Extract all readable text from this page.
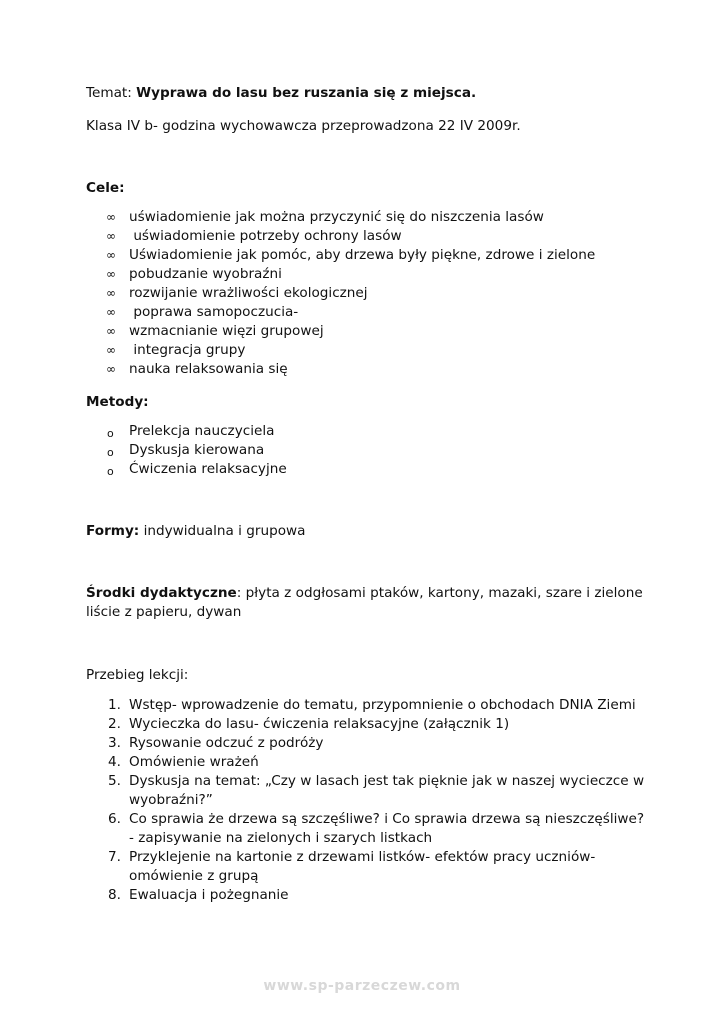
Temat: Wyprawa do lasu bez ruszania się z miejsca.
Klasa IV b- godzina wychowawcza przeprowadzona 22 IV 2009r.
Cele:
∞ uświadomienie jak można przyczynić się do niszczenia lasów
∞ uświadomienie potrzeby ochrony lasów
∞ Uświadomienie jak pomóc, aby drzewa były piękne, zdrowe i zielone
∞ pobudzanie wyobraźni
∞ rozwijanie wrażliwości ekologicznej
∞ poprawa samopoczucia-
∞ wzmacnianie więzi grupowej
∞ integracja grupy
∞ nauka relaksowania się
Metody:
o Prelekcja nauczyciela
o Dyskusja kierowana
o Ćwiczenia relaksacyjne
Formy: indywidualna i grupowa
Środki dydaktyczne: płyta z odgłosami ptaków, kartony, mazaki, szare i zielone liście z papieru, dywan
Przebieg lekcji:
1. Wstęp- wprowadzenie do tematu, przypomnienie o obchodach DNIA Ziemi
2. Wycieczka do lasu- ćwiczenia relaksacyjne (załącznik 1)
3. Rysowanie odczuć z podróży
4. Omówienie wrażeń
5. Dyskusja na temat: „Czy w lasach jest tak pięknie jak w naszej wycieczce w wyobraźni?”
6. Co sprawia że drzewa są szczęśliwe? i Co sprawia drzewa są nieszczęśliwe?- zapisywanie na zielonych i szarych listkach
7. Przyklejenie na kartonie z drzewami listków- efektów pracy uczniów- omówienie z grupą
8. Ewaluacja i pożegnanie
www.sp-parzeczew.com
